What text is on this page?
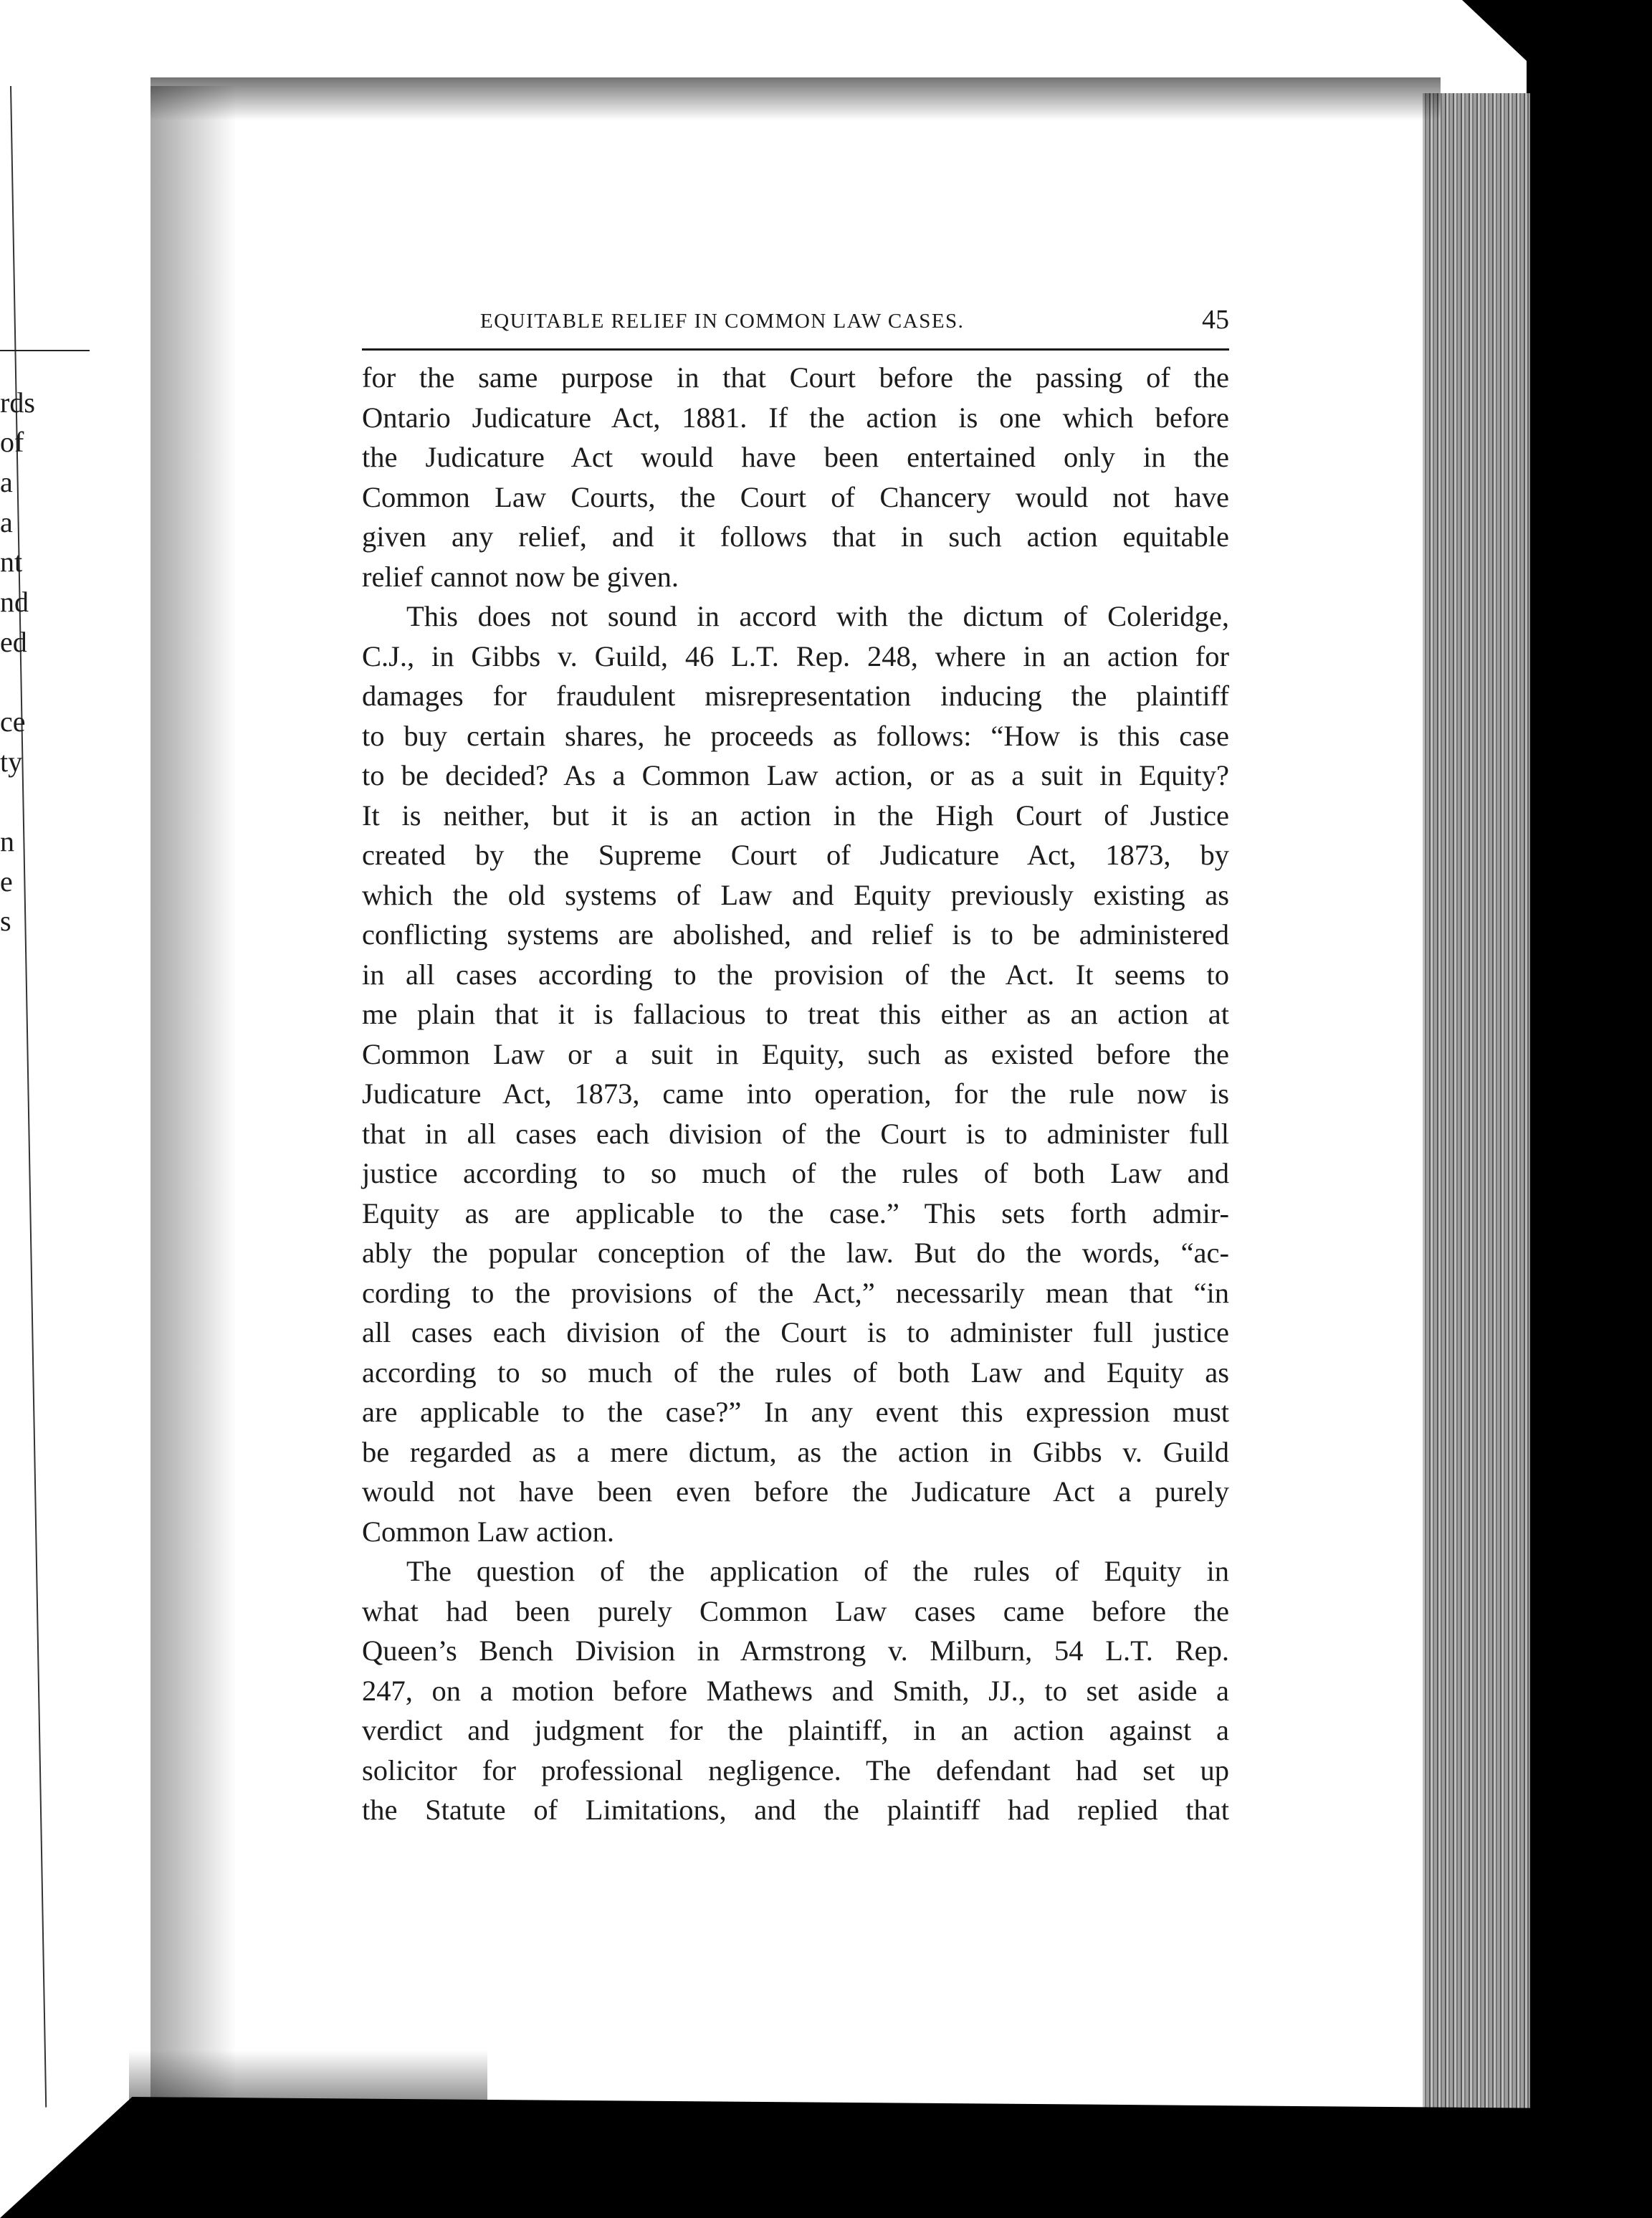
rds
of
a
a
nt
nd
ed
ce
ty
n
e
s
EQUITABLE RELIEF IN COMMON LAW CASES.	45
for the same purpose in that Court before the passing of the
Ontario Judicature Act, 1881. If the action is one which before
the Judicature Act would have been entertained only in the
Common Law Courts, the Court of Chancery would not have
given any relief, and it follows that in such action equitable
relief cannot now be given.
This does not sound in accord with the dictum of Coleridge,
C.J., in Gibbs v. Guild, 46 L.T. Rep. 248, where in an action for
damages for fraudulent misrepresentation inducing the plaintiff
to buy certain shares, he proceeds as follows: “How is this case
to be decided? As a Common Law action, or as a suit in Equity?
It is neither, but it is an action in the High Court of Justice
created by the Supreme Court of Judicature Act, 1873, by
which the old systems of Law and Equity previously existing as
conflicting systems are abolished, and relief is to be administered
in all cases according to the provision of the Act. It seems to
me plain that it is fallacious to treat this either as an action at
Common Law or a suit in Equity, such as existed before the
Judicature Act, 1873, came into operation, for the rule now is
that in all cases each division of the Court is to administer full
justice according to so much of the rules of both Law and
Equity as are applicable to the case.” This sets forth admir-
ably the popular conception of the law. But do the words, “ac-
cording to the provisions of the Act,” necessarily mean that “in
all cases each division of the Court is to administer full justice
according to so much of the rules of both Law and Equity as
are applicable to the case?” In any event this expression must
be regarded as a mere dictum, as the action in Gibbs v. Guild
would not have been even before the Judicature Act a purely
Common Law action.
The question of the application of the rules of Equity in
what had been purely Common Law cases came before the
Queen’s Bench Division in Armstrong v. Milburn, 54 L.T. Rep.
247, on a motion before Mathews and Smith, JJ., to set aside a
verdict and judgment for the plaintiff, in an action against a
solicitor for professional negligence. The defendant had set up
the Statute of Limitations, and the plaintiff had replied that
